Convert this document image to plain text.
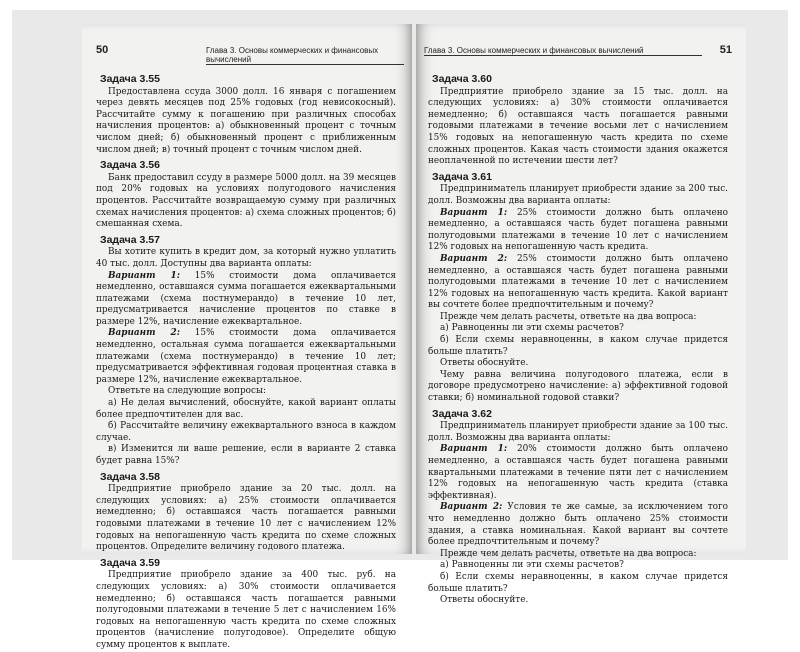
50	Глава 3. Основы коммерческих и финансовых вычислений
Задача 3.55

Предоставлена ссуда 3000 долл. 16 января с погашением через девять месяцев под 25% годовых (год невисокосный). Рассчитайте сумму к погашению при различных способах начисления процентов: а) обыкновенный процент с точным числом дней; б) обыкновенный процент с приближенным числом дней; в) точный процент с точным числом дней.

Задача 3.56

Банк предоставил ссуду в размере 5000 долл. на 39 месяцев под 20% годовых на условиях полугодового начисления процентов. Рассчитайте возвращаемую сумму при различных схемах начисления процентов: а) схема сложных процентов; б) смешанная схема.

Задача 3.57

Вы хотите купить в кредит дом, за который нужно уплатить 40 тыс. долл. Доступны два варианта оплаты:

Вариант 1: 15% стоимости дома оплачивается немедленно, оставшаяся сумма погашается ежеквартальными платежами (схема постнумерандо) в течение 10 лет, предусматривается начисление процентов по ставке в размере 12%, начисление ежеквартальное.

Вариант 2: 15% стоимости дома оплачивается немедленно, остальная сумма погашается ежеквартальными платежами (схема постнумерандо) в течение 10 лет; предусматривается эффективная годовая процентная ставка в размере 12%, начисление ежеквартальное.

Ответьте на следующие вопросы:

а) Не делая вычислений, обоснуйте, какой вариант оплаты более предпочтителен для вас.

б) Рассчитайте величину ежеквартального взноса в каждом случае.

в) Изменится ли ваше решение, если в варианте 2 ставка будет равна 15%?

Задача 3.58

Предприятие приобрело здание за 20 тыс. долл. на следующих условиях: а) 25% стоимости оплачивается немедленно; б) оставшаяся часть погашается равными годовыми платежами в течение 10 лет с начислением 12% годовых на непогашенную часть кредита по схеме сложных процентов. Определите величину годового платежа.

Задача 3.59

Предприятие приобрело здание за 400 тыс. руб. на следующих условиях: а) 30% стоимости оплачивается немедленно; б) оставшаяся часть погашается равными полугодовыми платежами в течение 5 лет с начислением 16% годовых на непогашенную часть кредита по схеме сложных процентов (начисление полугодовое). Определите общую сумму процентов к выплате.

Глава 3. Основы коммерческих и финансовых вычислений	51
Задача 3.60

Предприятие приобрело здание за 15 тыс. долл. на следующих условиях: а) 30% стоимости оплачивается немедленно; б) оставшаяся часть погашается равными годовыми платежами в течение восьми лет с начислением 15% годовых на непогашенную часть кредита по схеме сложных процентов. Какая часть стоимости здания окажется неоплаченной по истечении шести лет?

Задача 3.61

Предприниматель планирует приобрести здание за 200 тыс. долл. Возможны два варианта оплаты:

Вариант 1: 25% стоимости должно быть оплачено немедленно, а оставшаяся часть будет погашена равными полугодовыми платежами в течение 10 лет с начислением 12% годовых на непогашенную часть кредита.

Вариант 2: 25% стоимости должно быть оплачено немедленно, а оставшаяся часть будет погашена равными полугодовыми платежами в течение 10 лет с начислением 12% годовых на непогашенную часть кредита. Какой вариант вы сочтете более предпочтительным и почему?

Прежде чем делать расчеты, ответьте на два вопроса:

а) Равноценны ли эти схемы расчетов?

б) Если схемы неравноценны, в каком случае придется больше платить?

Ответы обоснуйте.

Чему равна величина полугодового платежа, если в договоре предусмотрено начисление: а) эффективной годовой ставки; б) номинальной годовой ставки?

Задача 3.62

Предприниматель планирует приобрести здание за 100 тыс. долл. Возможны два варианта оплаты:

Вариант 1: 20% стоимости должно быть оплачено немедленно, а оставшаяся часть будет погашена равными квартальными платежами в течение пяти лет с начислением 12% годовых на непогашенную часть кредита (ставка эффективная).

Вариант 2: Условия те же самые, за исключением того что немедленно должно быть оплачено 25% стоимости здания, а ставка номинальная. Какой вариант вы сочтете более предпочтительным и почему?

Прежде чем делать расчеты, ответьте на два вопроса:

а) Равноценны ли эти схемы расчетов?

б) Если схемы неравноценны, в каком случае придется больше платить?

Ответы обоснуйте.
